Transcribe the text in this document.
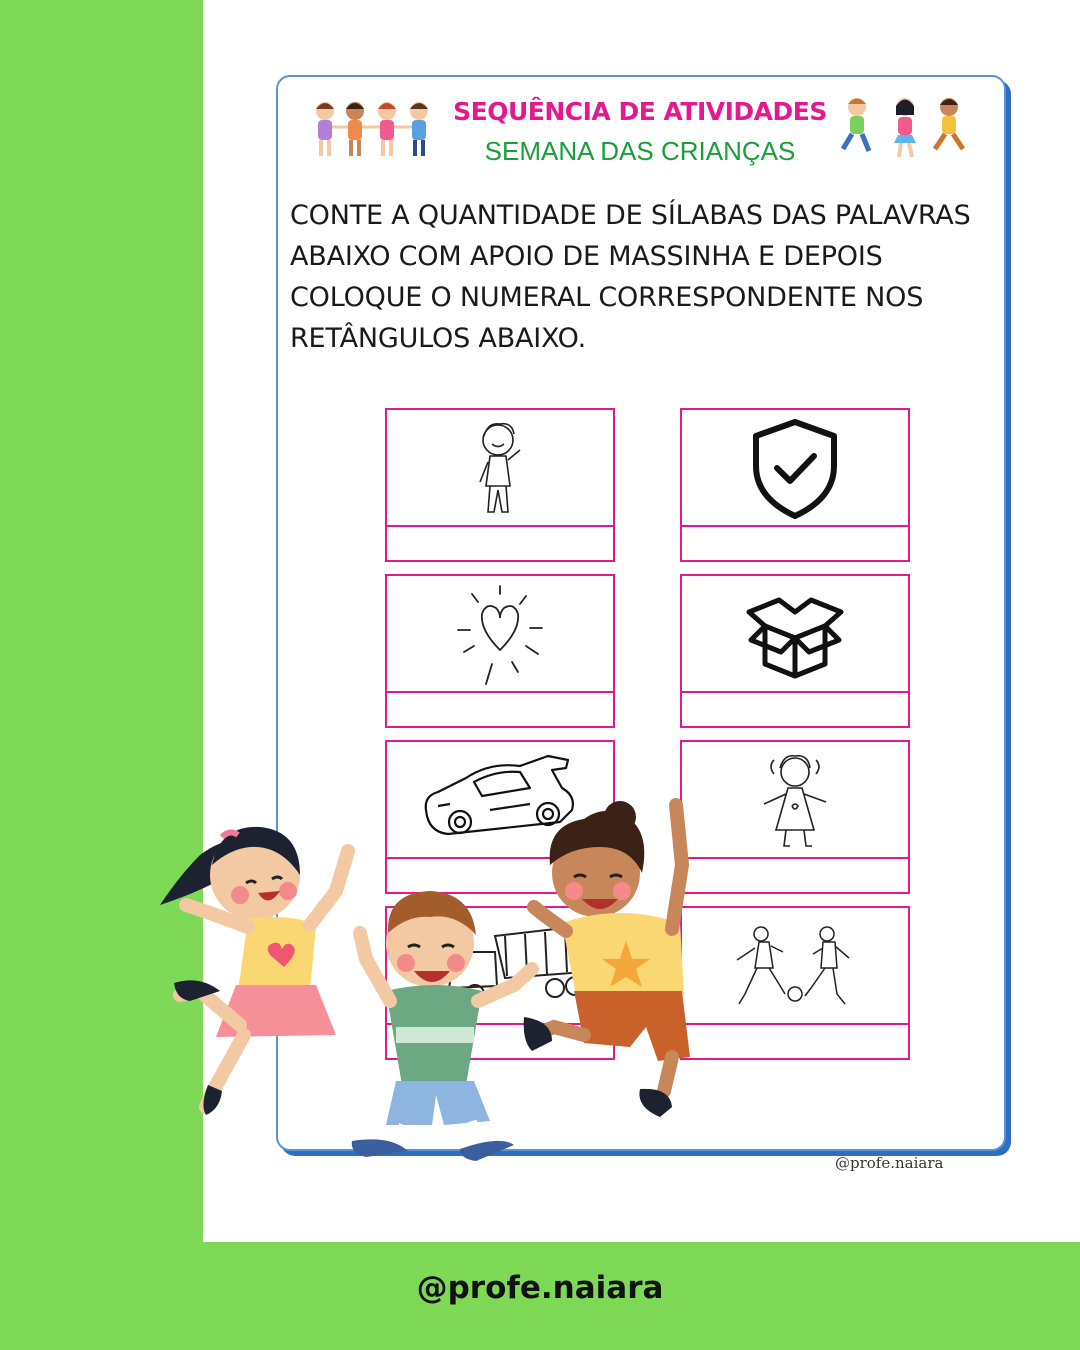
SEQUÊNCIA DE ATIVIDADES
SEMANA DAS CRIANÇAS

CONTE A QUANTIDADE DE SÍLABAS DAS PALAVRAS ABAIXO COM APOIO DE MASSINHA E DEPOIS COLOQUE O NUMERAL CORRESPONDENTE NOS RETÂNGULOS ABAIXO.

@profe.naiara
@profe.naiara
